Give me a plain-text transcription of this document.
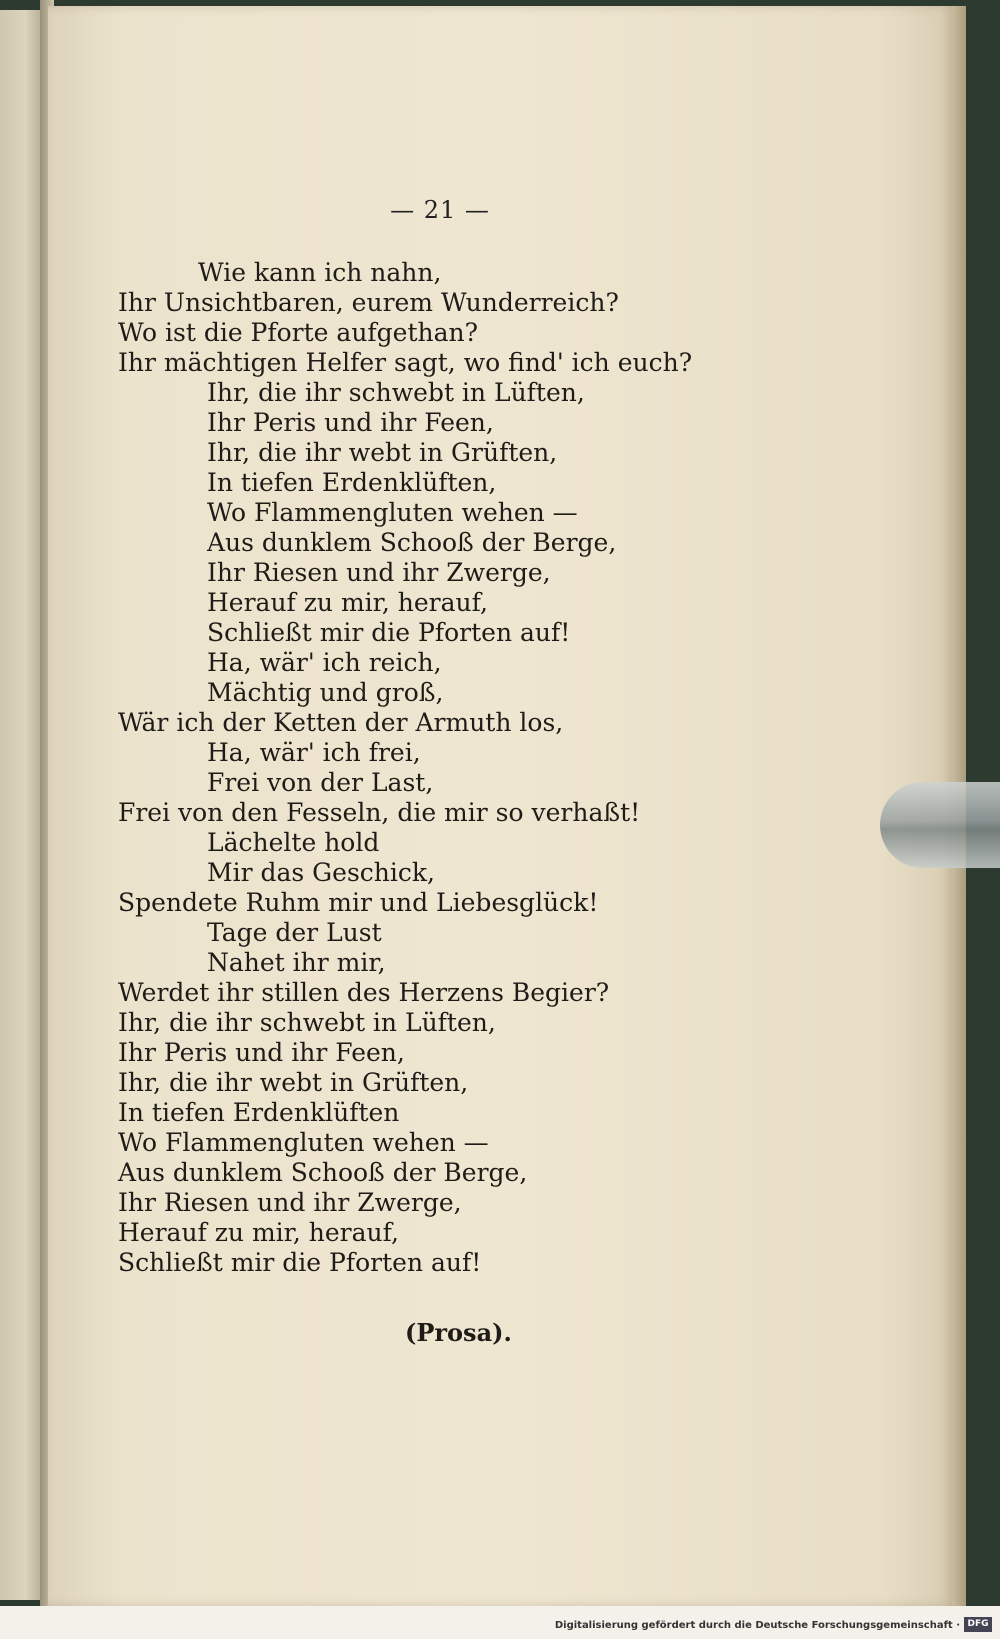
— 21 —

Wie kann ich nahn,

Ihr Unsichtbaren, eurem Wunderreich?

Wo ist die Pforte aufgethan?

Ihr mächtigen Helfer sagt, wo find' ich euch?

Ihr, die ihr schwebt in Lüften,

Ihr Peris und ihr Feen,

Ihr, die ihr webt in Grüften,

In tiefen Erdenklüften,

Wo Flammengluten wehen —

Aus dunklem Schooß der Berge,

Ihr Riesen und ihr Zwerge,

Herauf zu mir, herauf,

Schließt mir die Pforten auf!

Ha, wär' ich reich,

Mächtig und groß,

Wär ich der Ketten der Armuth los,

Ha, wär' ich frei,

Frei von der Last,

Frei von den Fesseln, die mir so verhaßt!

Lächelte hold

Mir das Geschick,

Spendete Ruhm mir und Liebesglück!

Tage der Lust

Nahet ihr mir,

Werdet ihr stillen des Herzens Begier?

Ihr, die ihr schwebt in Lüften,

Ihr Peris und ihr Feen,

Ihr, die ihr webt in Grüften,

In tiefen Erdenklüften

Wo Flammengluten wehen —

Aus dunklem Schooß der Berge,

Ihr Riesen und ihr Zwerge,

Herauf zu mir, herauf,

Schließt mir die Pforten auf!

(Prosa).

Digitalisierung gefördert durch die Deutsche Forschungsgemeinschaft · DFG
